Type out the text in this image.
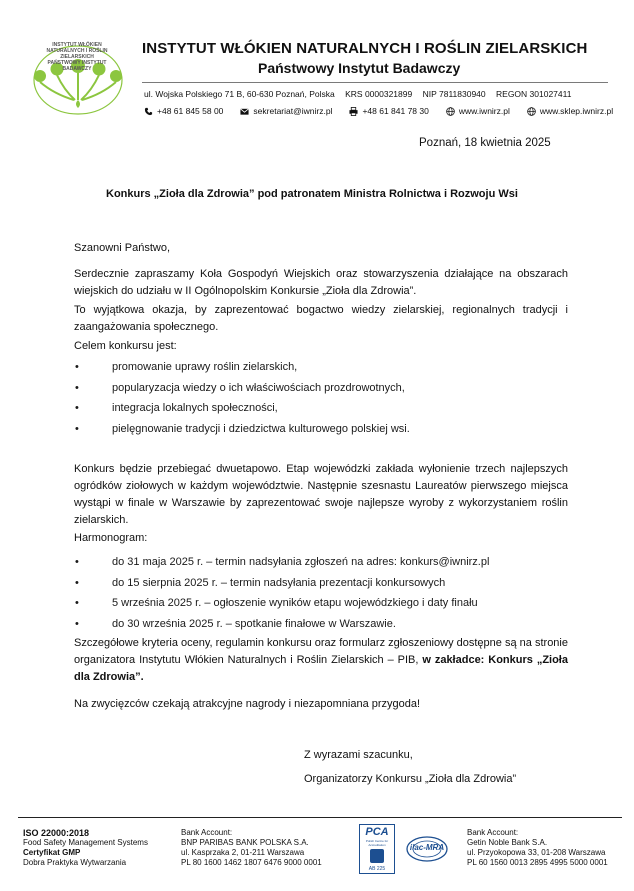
INSTYTUT WŁÓKIEN NATURALNYCH I ROŚLIN ZIELARSKICH PAŃSTWOWY INSTYTUT BADAWCZY
INSTYTUT WŁÓKIEN NATURALNYCH I ROŚLIN ZIELARSKICH
Państwowy Instytut Badawczy
ul. Wojska Polskiego 71 B, 60-630 Poznań, Polska KRS 0000321899 NIP 7811830940 REGON 301027411
+48 61 845 58 00	sekretariat@iwnirz.pl	+48 61 841 78 30	www.iwnirz.pl	www.sklep.iwnirz.pl
Poznań, 18 kwietnia 2025
Konkurs „Zioła dla Zdrowia” pod patronatem Ministra Rolnictwa i Rozwoju Wsi
Szanowni Państwo,
Serdecznie zapraszamy Koła Gospodyń Wiejskich oraz stowarzyszenia działające na obszarach wiejskich do udziału w II Ogólnopolskim Konkursie „Zioła dla Zdrowia”.
To wyjątkowa okazja, by zaprezentować bogactwo wiedzy zielarskiej, regionalnych tradycji i zaangażowania społecznego.
Celem konkursu jest:
• promowanie uprawy roślin zielarskich,
• popularyzacja wiedzy o ich właściwościach prozdrowotnych,
• integracja lokalnych społeczności,
• pielęgnowanie tradycji i dziedzictwa kulturowego polskiej wsi.
Konkurs będzie przebiegać dwuetapowo. Etap wojewódzki zakłada wyłonienie trzech najlepszych ogródków ziołowych w każdym województwie. Następnie szesnastu Laureatów pierwszego miejsca wystąpi w finale w Warszawie by zaprezentować swoje najlepsze wyroby z wykorzystaniem roślin zielarskich.
Harmonogram:
• do 31 maja 2025 r. – termin nadsyłania zgłoszeń na adres: konkurs@iwnirz.pl
• do 15 sierpnia 2025 r. – termin nadsyłania prezentacji konkursowych
• 5 września 2025 r. – ogłoszenie wyników etapu wojewódzkiego i daty finału
• do 30 września 2025 r. – spotkanie finałowe w Warszawie.
Szczegółowe kryteria oceny, regulamin konkursu oraz formularz zgłoszeniowy dostępne są na stronie organizatora Instytutu Włókien Naturalnych i Roślin Zielarskich – PIB, w zakładce: Konkurs „Zioła dla Zdrowia”.
Na zwycięzców czekają atrakcyjne nagrody i niezapomniana przygoda!
Z wyrazami szacunku,
Organizatorzy Konkursu „Zioła dla Zdrowia”
ISO 22000:2018
Food Safety Management Systems
Certyfikat GMP
Dobra Praktyka Wytwarzania
Bank Account:
BNP PARIBAS BANK POLSKA S.A.
ul. Kasprzaka 2, 01-211 Warszawa
PL 80 1600 1462 1807 6476 9000 0001
PCA
Polish Centre for Accreditation
AB 225
ilac-MRA
Bank Account:
Getin Noble Bank S.A.
ul. Przyokopowa 33, 01-208 Warszawa
PL 60 1560 0013 2895 4995 5000 0001
